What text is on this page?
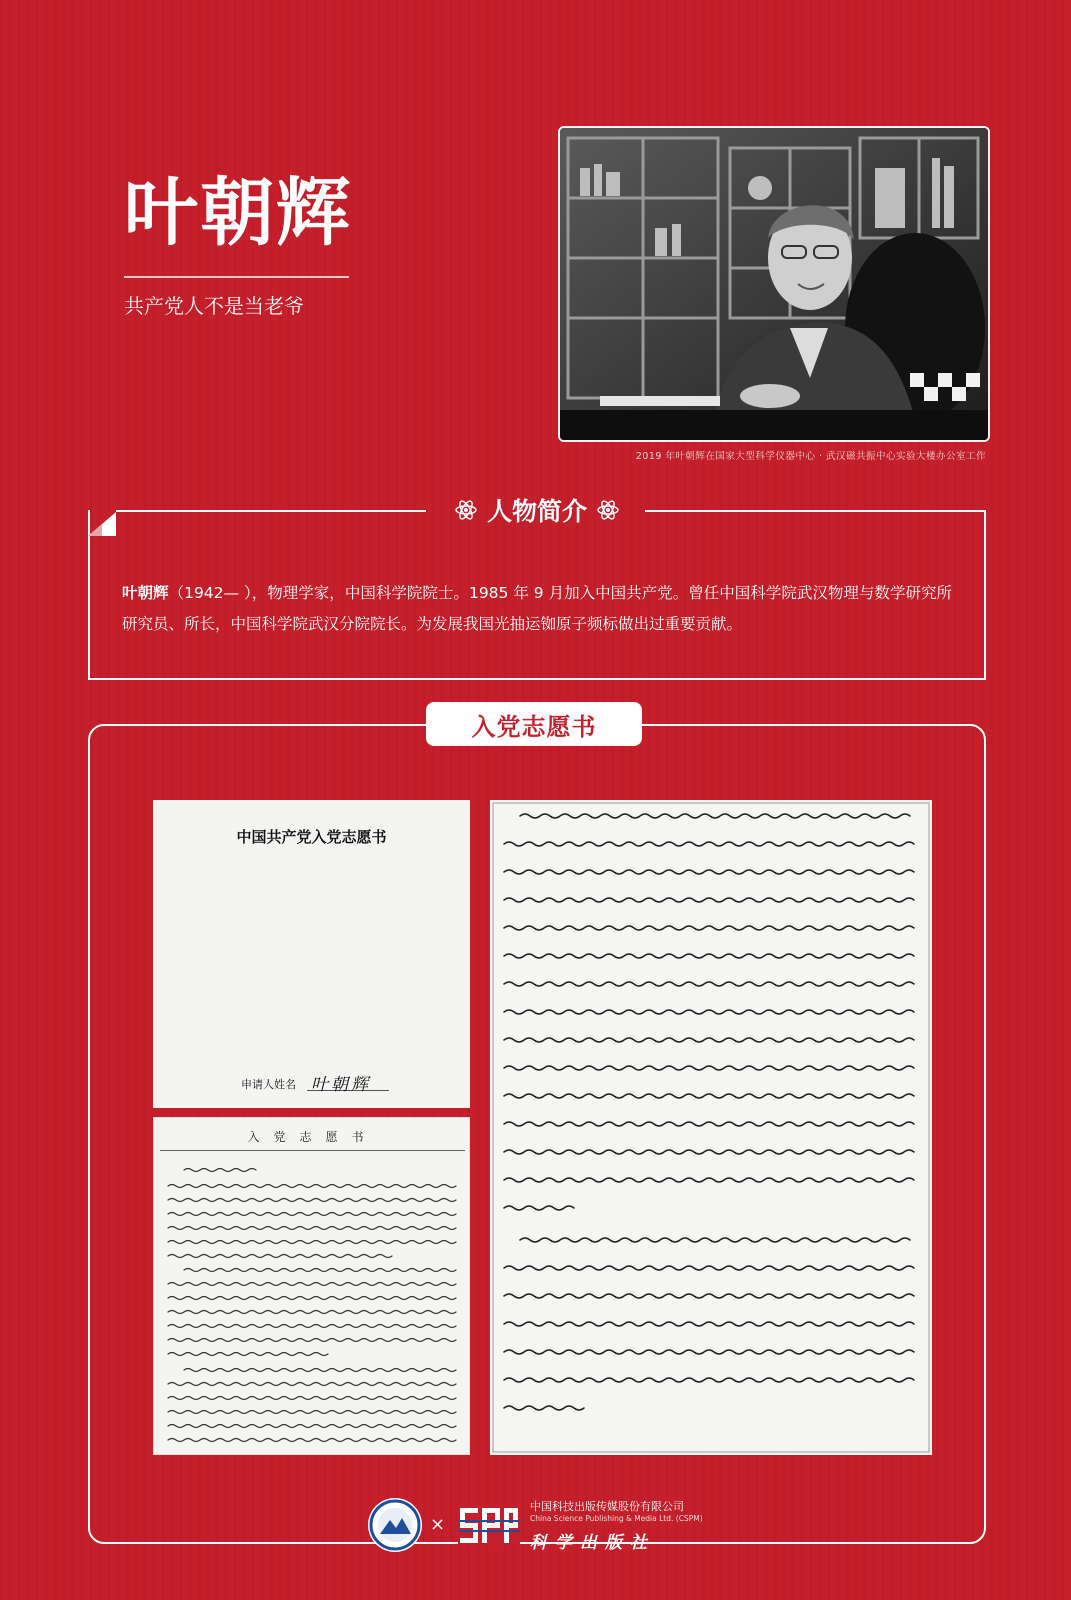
叶朝辉
共产党人不是当老爷
2019 年叶朝辉在国家大型科学仪器中心 · 武汉磁共振中心实验大楼办公室工作
人物简介
叶朝辉（1942— ），物理学家，中国科学院院士。1985 年 9 月加入中国共产党。曾任中国科学院武汉物理与数学研究所研究员、所长，中国科学院武汉分院院长。为发展我国光抽运铷原子频标做出过重要贡献。
入党志愿书
中国共产党入党志愿书
申请人姓名 叶朝辉
入党志愿书
×
中国科技出版传媒股份有限公司
China Science Publishing & Media Ltd. (CSPM)
科学出版社
